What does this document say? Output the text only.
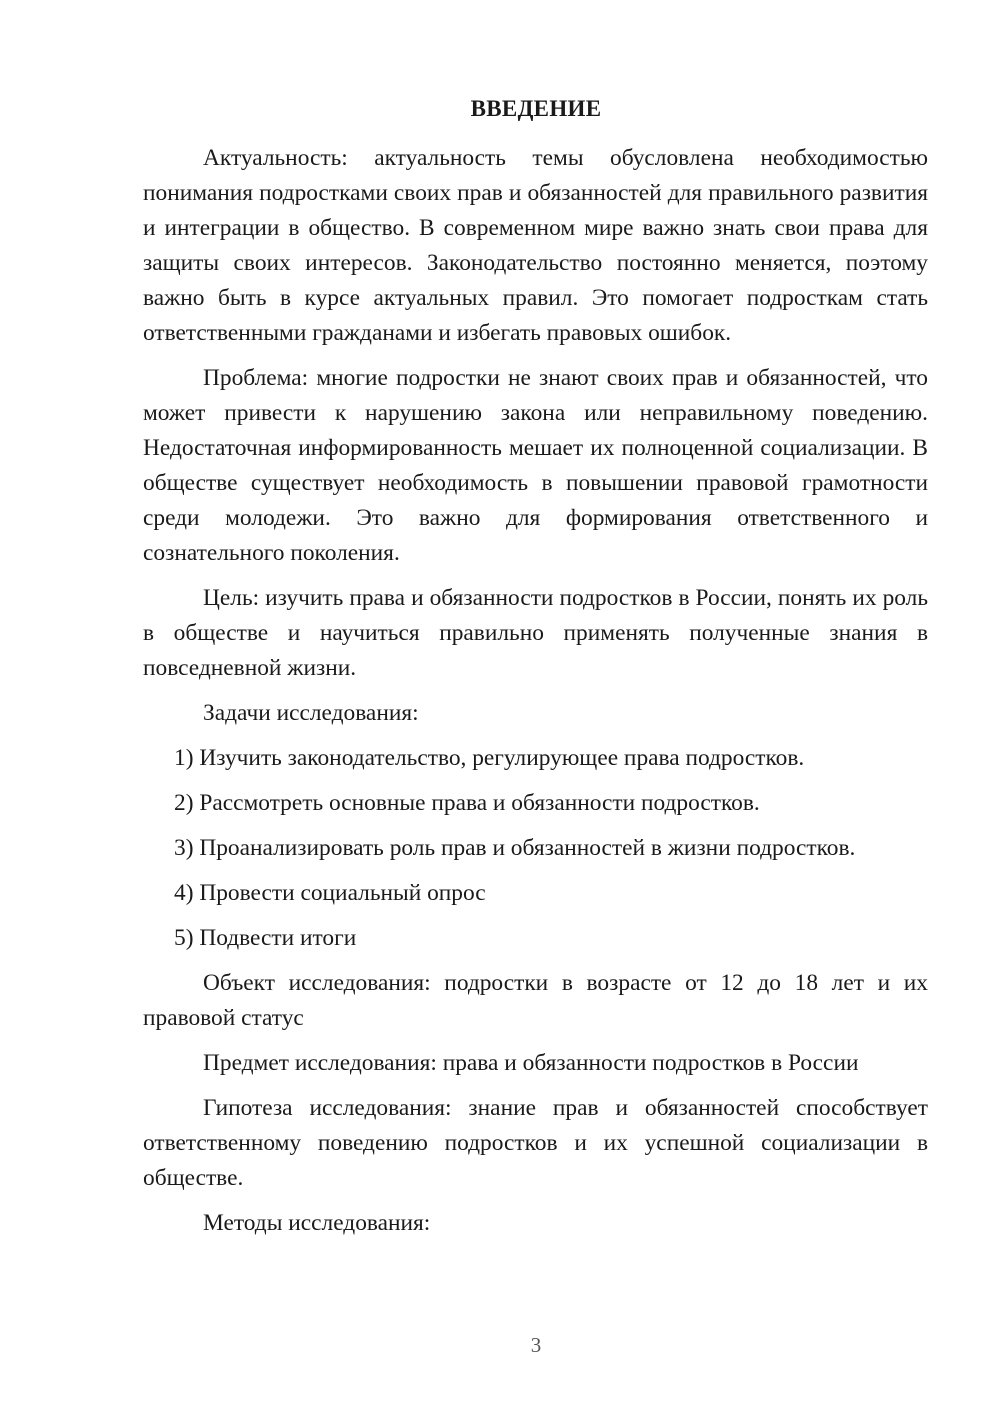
ВВЕДЕНИЕ

Актуальность: актуальность темы обусловлена необходимостью понимания подростками своих прав и обязанностей для правильного развития и интеграции в общество. В современном мире важно знать свои права для защиты своих интересов. Законодательство постоянно меняется, поэтому важно быть в курсе актуальных правил. Это помогает подросткам стать ответственными гражданами и избегать правовых ошибок.

Проблема: многие подростки не знают своих прав и обязанностей, что может привести к нарушению закона или неправильному поведению. Недостаточная информированность мешает их полноценной социализации. В обществе существует необходимость в повышении правовой грамотности среди молодежи. Это важно для формирования ответственного и сознательного поколения.

Цель: изучить права и обязанности подростков в России, понять их роль в обществе и научиться правильно применять полученные знания в повседневной жизни.

Задачи исследования:

1) Изучить законодательство, регулирующее права подростков.

2) Рассмотреть основные права и обязанности подростков.

3) Проанализировать роль прав и обязанностей в жизни подростков.

4) Провести социальный опрос

5) Подвести итоги

Объект исследования: подростки в возрасте от 12 до 18 лет и их правовой статус

Предмет исследования: права и обязанности подростков в России

Гипотеза исследования: знание прав и обязанностей способствует ответственному поведению подростков и их успешной социализации в обществе.

Методы исследования:

3
